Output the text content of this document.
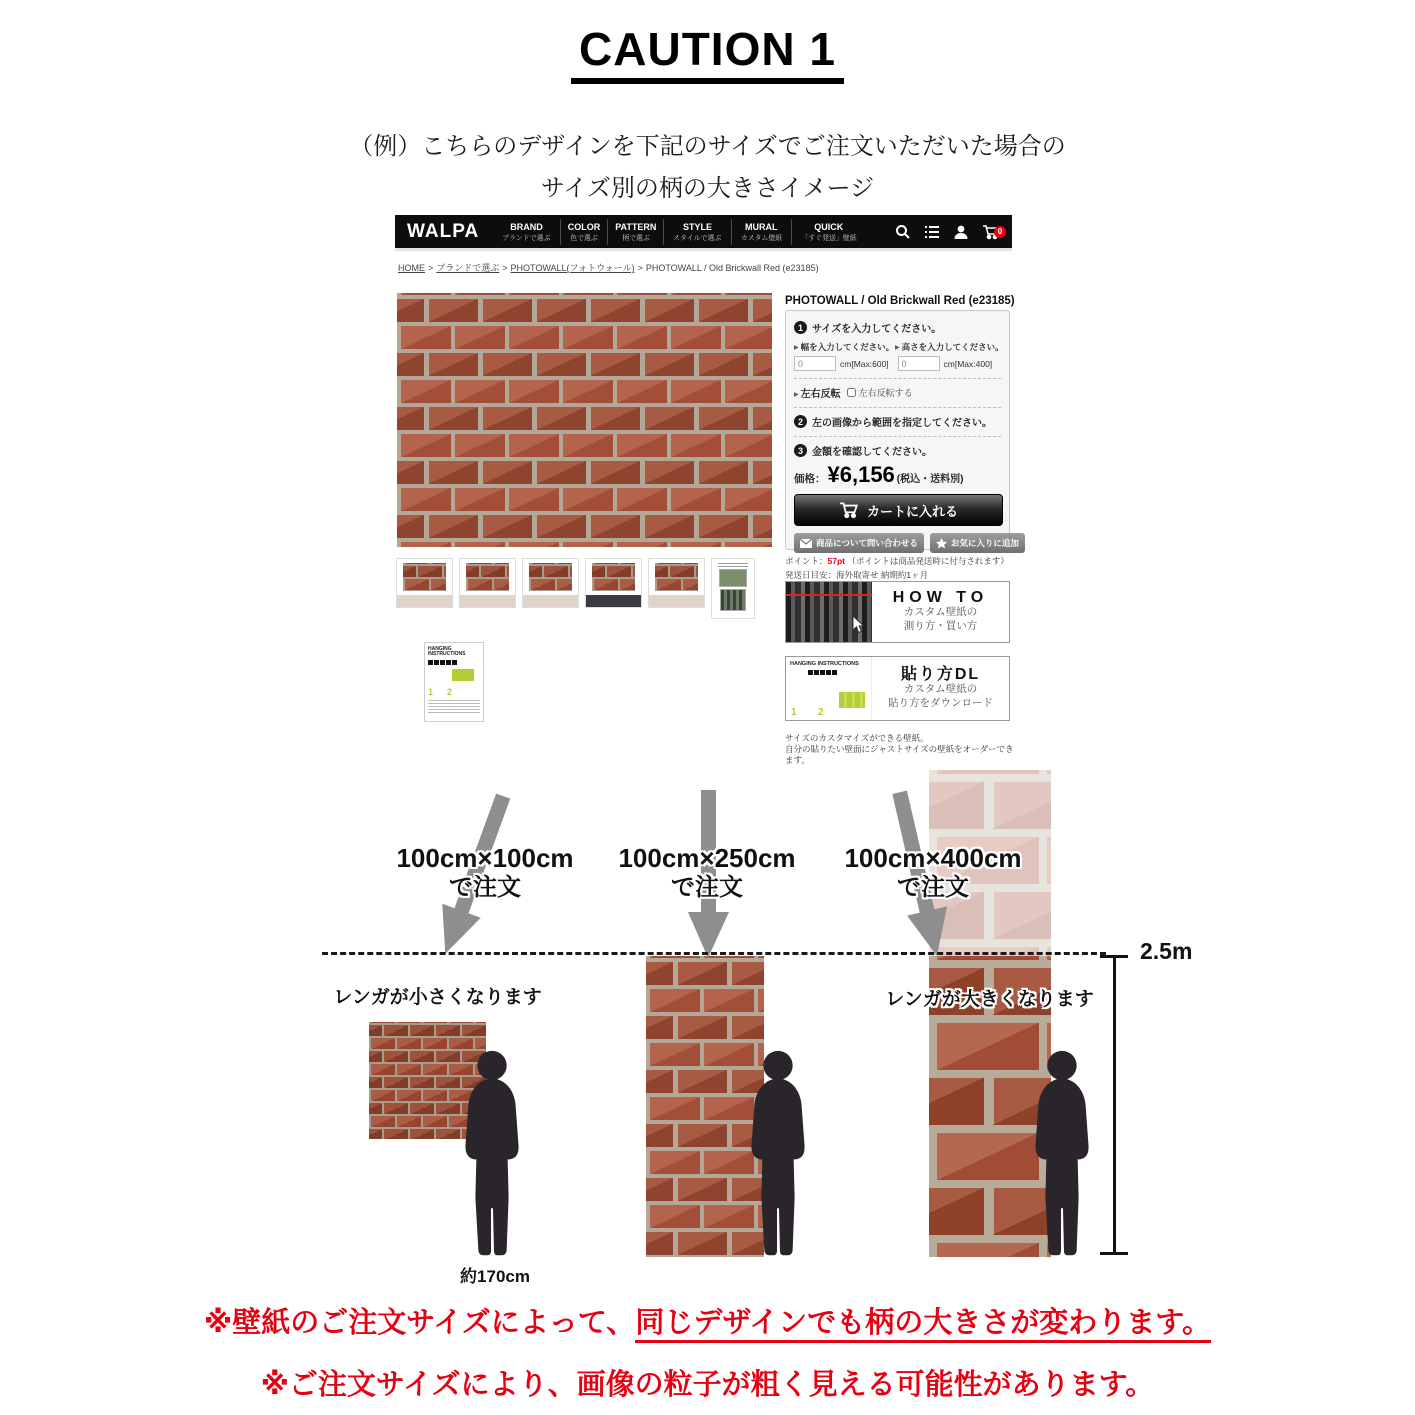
CAUTION 1
（例）こちらのデザインを下記のサイズでご注文いただいた場合の
サイズ別の柄の大きさイメージ
WALPA	BRAND
ブランドで選ぶ
COLOR
色で選ぶ
PATTERN
柄で選ぶ
STYLE
スタイルで選ぶ
MURAL
カスタム壁紙
QUICK
「すぐ発送」壁紙
0
HOME > ブランドで選ぶ > PHOTOWALL(フォトウォール) > PHOTOWALL / Old Brickwall Red (e23185)
HANGING INSTRUCTIONS
1 2
PHOTOWALL / Old Brickwall Red (e23185)
1 サイズを入力してください。
▶ 幅を入力してください。 ▶ 高さを入力してください。
0
cm[Max:600]
0	cm[Max:400]
▶ 左右反転 左右反転する
2 左の画像から範囲を指定してください。
3 金額を確認してください。
価格： ¥6,156 (税込・送料別)
カートに入れる
商品について問い合わせる	お気に入りに追加
ポイント：57pt （ポイントは商品発送時に付与されます）
発送日目安：海外取寄せ 納期約1ヶ月
HOW TO
カスタム壁紙の
測り方・買い方
HANGING INSTRUCTIONS
1 2
貼り方DL
カスタム壁紙の
貼り方をダウンロード
サイズのカスタマイズができる壁紙。
自分の貼りたい壁面にジャストサイズの壁紙をオーダーできます。
100cm×100cm
で注文
100cm×250cm
で注文
100cm×400cm
で注文
レンガが小さくなります	レンガが大きくなります
約170cm
2.5m
※壁紙のご注文サイズによって、同じデザインでも柄の大きさが変わります。
※ご注文サイズにより、画像の粒子が粗く見える可能性があります。
